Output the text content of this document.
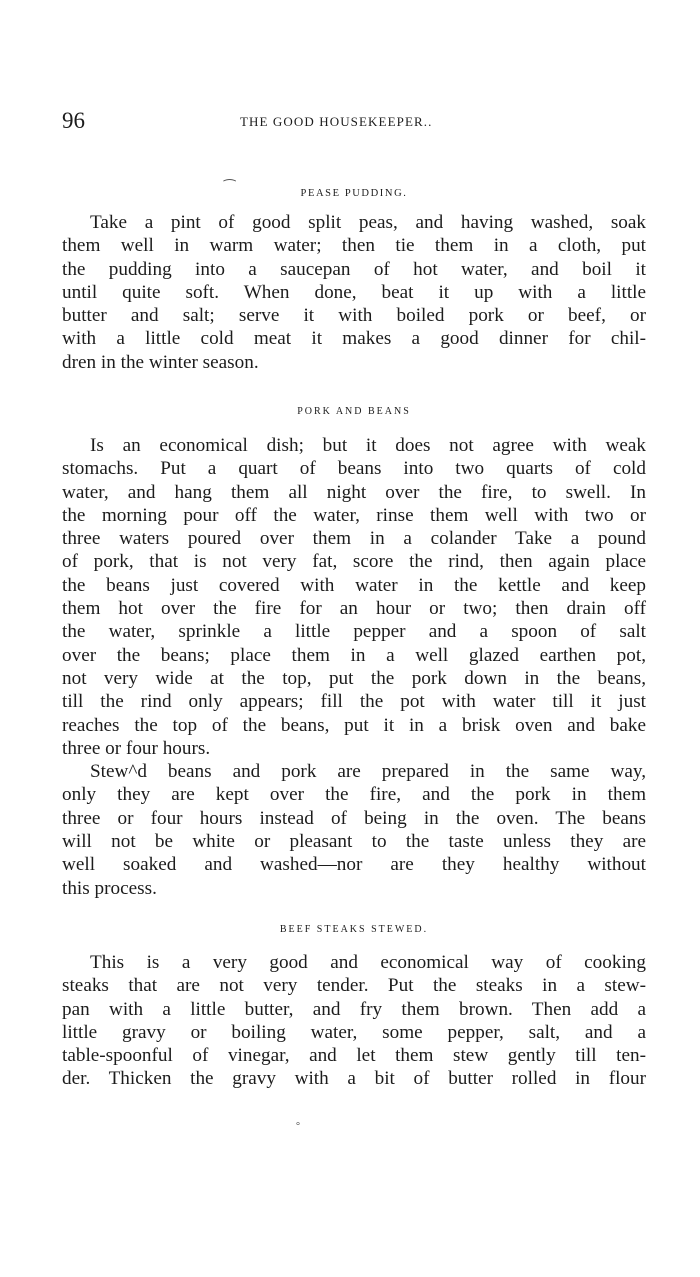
96	THE GOOD HOUSEKEEPER..
⁀	PEASE PUDDING.

Take a pint of good split peas, and having washed, soak
them well in warm water; then tie them in a cloth, put
the pudding into a saucepan of hot water, and boil it
until quite soft. When done, beat it up with a little
butter and salt; serve it with boiled pork or beef, or
with a little cold meat it makes a good dinner for chil-
dren in the winter season.

PORK AND BEANS

Is an economical dish; but it does not agree with weak
stomachs. Put a quart of beans into two quarts of cold
water, and hang them all night over the fire, to swell. In
the morning pour off the water, rinse them well with two or
three waters poured over them in a colander Take a pound
of pork, that is not very fat, score the rind, then again place
the beans just covered with water in the kettle and keep
them hot over the fire for an hour or two; then drain off
the water, sprinkle a little pepper and a spoon of salt
over the beans; place them in a well glazed earthen pot,
not very wide at the top, put the pork down in the beans,
till the rind only appears; fill the pot with water till it just
reaches the top of the beans, put it in a brisk oven and bake
three or four hours.
Stew^d beans and pork are prepared in the same way,
only they are kept over the fire, and the pork in them
three or four hours instead of being in the oven. The beans
will not be white or pleasant to the taste unless they are
well soaked and washed—nor are they healthy without
this process.

BEEF STEAKS STEWED.

This is a very good and economical way of cooking
steaks that are not very tender. Put the steaks in a stew-
pan with a little butter, and fry them brown. Then add a
little gravy or boiling water, some pepper, salt, and a
table-spoonful of vinegar, and let them stew gently till ten-
der. Thicken the gravy with a bit of butter rolled in flour
°
